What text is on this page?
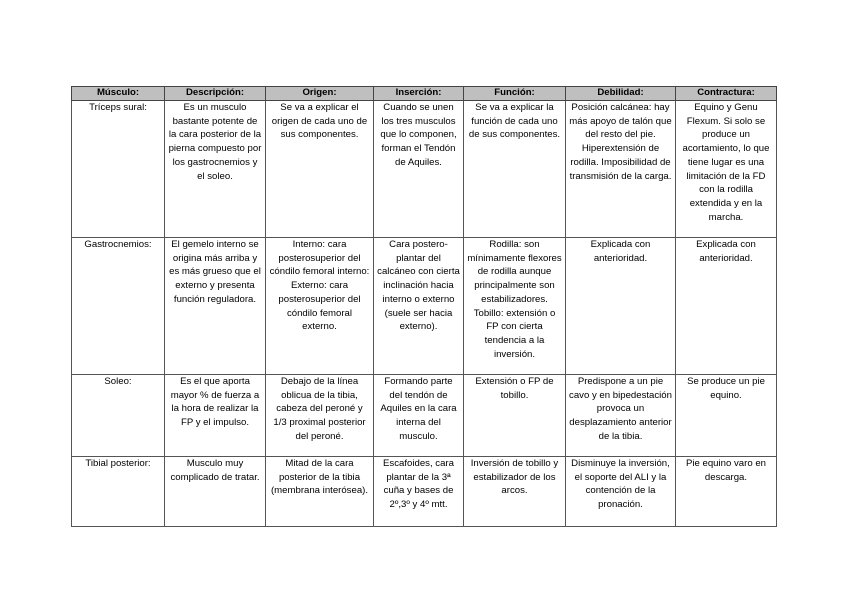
Músculo:	Descripción:	Origen:	Inserción:	Función:	Debilidad:	Contractura:
Tríceps sural:	Es un musculo bastante potente de la cara posterior de la pierna compuesto por los gastrocnemios y el soleo.	Se va a explicar el origen de cada uno de sus componentes.	Cuando se unen los tres musculos que lo componen, forman el Tendón de Aquiles.	Se va a explicar la función de cada uno de sus componentes.	Posición calcánea: hay más apoyo de talón que del resto del pie. Hiperextensión de rodilla. Imposibilidad de transmisión de la carga.	Equino y Genu Flexum. Si solo se produce un acortamiento, lo que tiene lugar es una limitación de la FD con la rodilla extendida y en la marcha.
Gastrocnemios:	El gemelo interno se origina más arriba y es más grueso que el externo y presenta función reguladora.	Interno: cara posterosuperior del cóndilo femoral interno: Externo: cara posterosuperior del cóndilo femoral externo.	Cara postero-plantar del calcáneo con cierta inclinación hacia interno o externo (suele ser hacia externo).	Rodilla: son mínimamente flexores de rodilla aunque principalmente son estabilizadores. Tobillo: extensión o FP con cierta tendencia a la inversión.	Explicada con anterioridad.	Explicada con anterioridad.
Soleo:	Es el que aporta mayor % de fuerza a la hora de realizar la FP y el impulso.	Debajo de la línea oblicua de la tibia, cabeza del peroné y 1/3 proximal posterior del peroné.	Formando parte del tendón de Aquiles en la cara interna del musculo.	Extensión o FP de tobillo.	Predispone a un pie cavo y en bipedestación provoca un desplazamiento anterior de la tibia.	Se produce un pie equino.
Tibial posterior:	Musculo muy complicado de tratar.	Mitad de la cara posterior de la tibia (membrana interósea).	Escafoides, cara plantar de la 3ª cuña y bases de 2º,3º y 4º mtt.	Inversión de tobillo y estabilizador de los arcos.	Disminuye la inversión, el soporte del ALI y la contención de la pronación.	Pie equino varo en descarga.
